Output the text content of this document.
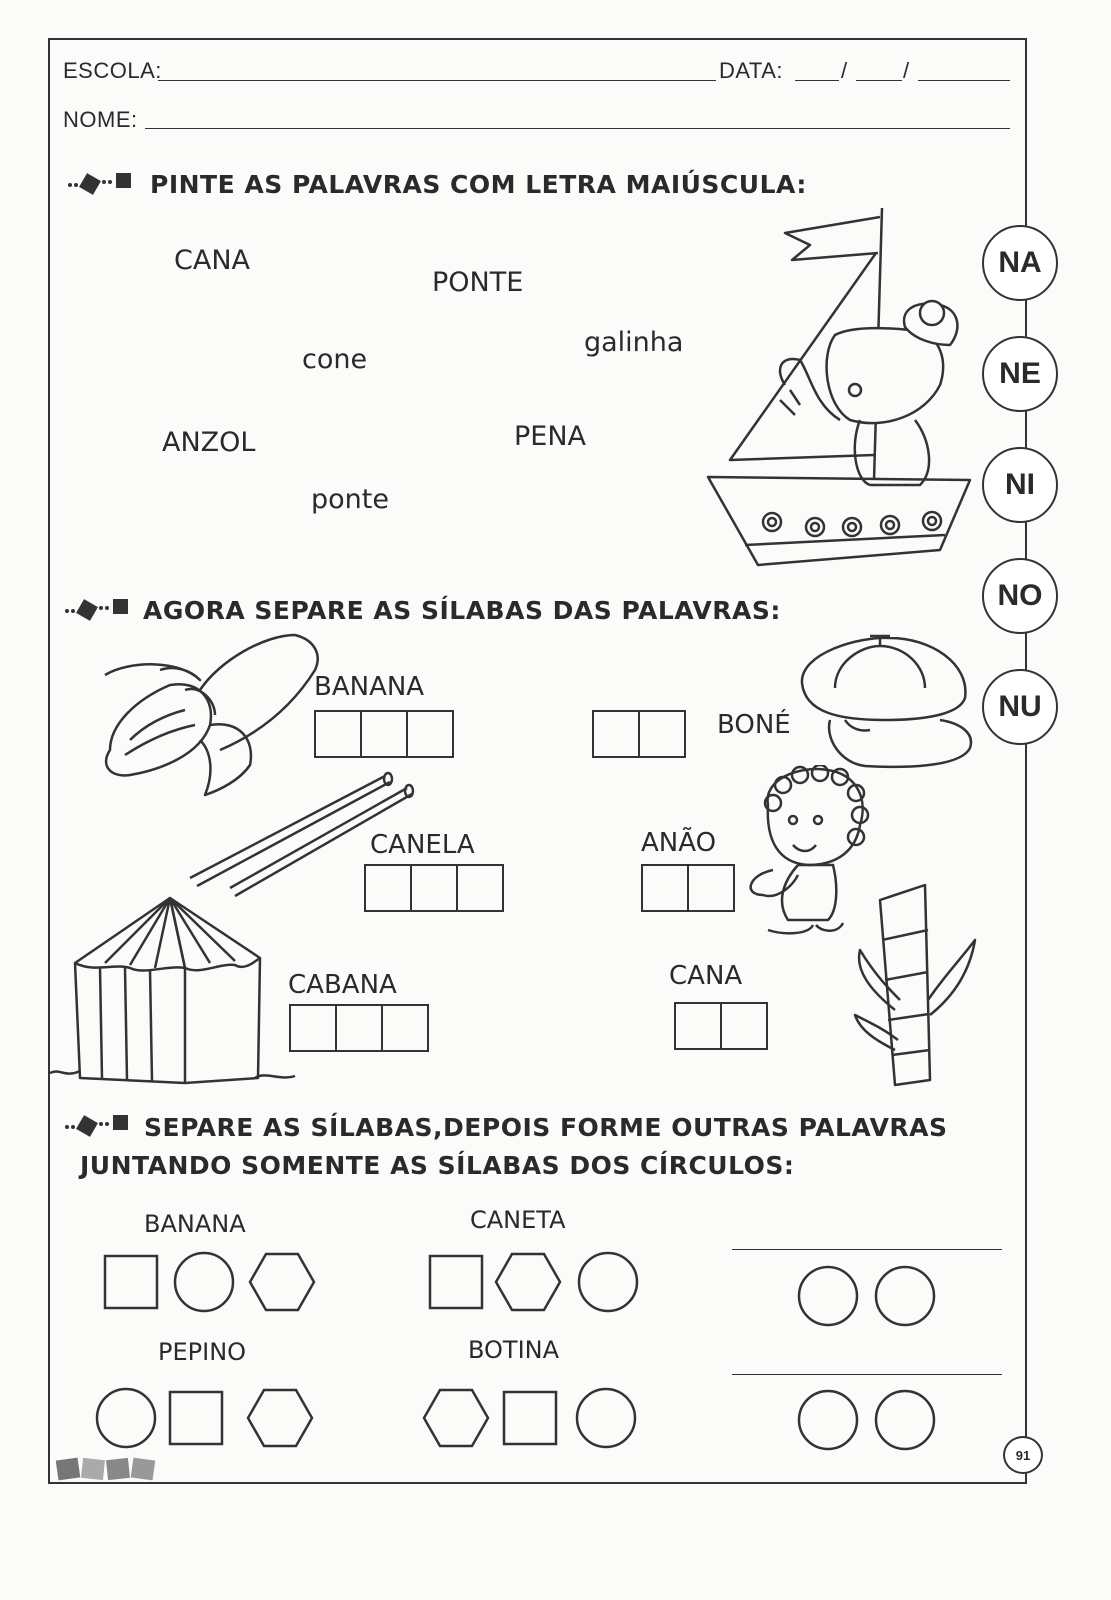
ESCOLA:	DATA:	/	/
NOME:
PINTE AS PALAVRAS COM LETRA MAIÚSCULA:
CANA
PONTE
cone
galinha
ANZOL	PENA
ponte
NA
NE
NI
NO
NU
AGORA SEPARE AS SÍLABAS DAS PALAVRAS:
BANANA
BONÉ
CANELA	ANÃO
CABANA	CANA
SEPARE AS SÍLABAS,DEPOIS FORME OUTRAS PALAVRAS
JUNTANDO SOMENTE AS SÍLABAS DOS CÍRCULOS:
BANANA	CANETA
PEPINO	BOTINA
91
